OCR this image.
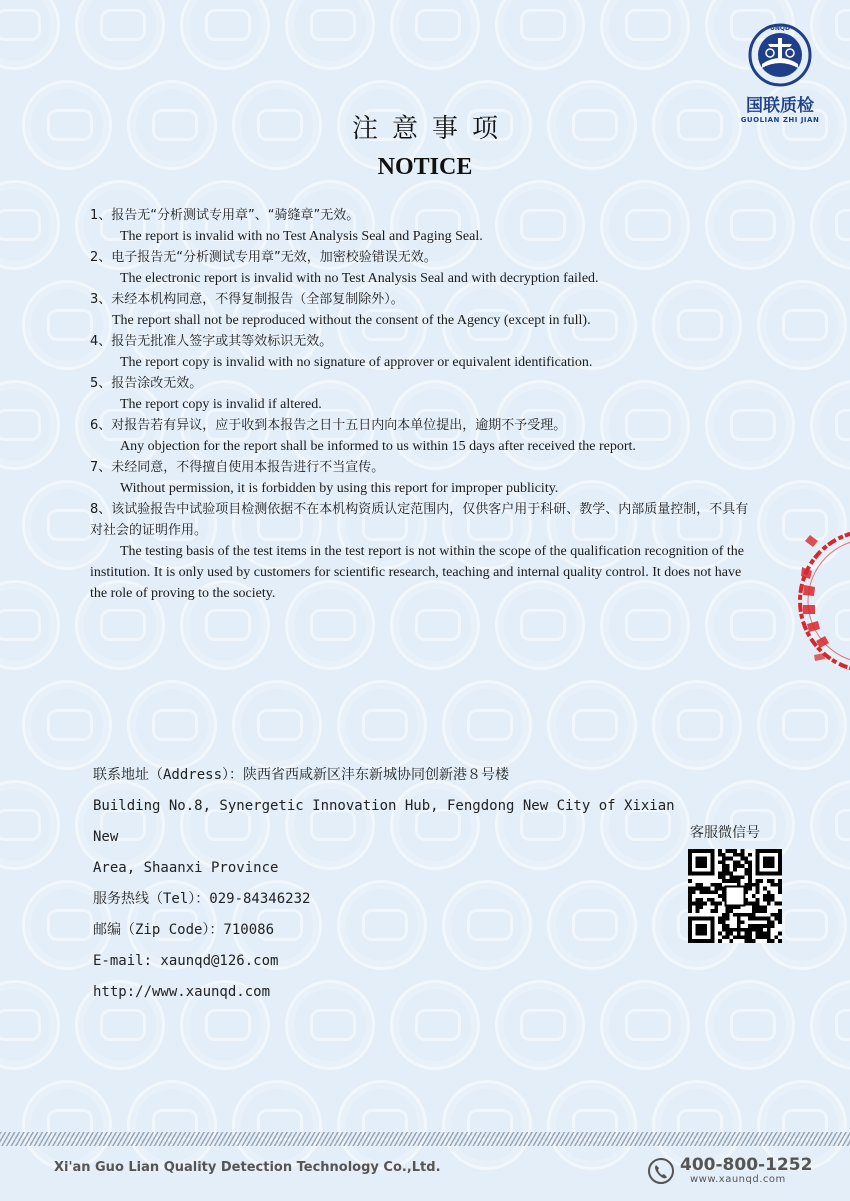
UNQD
国联质检
GUOLIAN ZHI JIAN
注意事项
NOTICE
1、报告无“分析测试专用章”、“骑缝章”无效。
The report is invalid with no Test Analysis Seal and Paging Seal.
2、电子报告无“分析测试专用章”无效，加密校验错误无效。
The electronic report is invalid with no Test Analysis Seal and with decryption failed.
3、未经本机构同意，不得复制报告（全部复制除外）。
The report shall not be reproduced without the consent of the Agency (except in full).
4、报告无批准人签字或其等效标识无效。
The report copy is invalid with no signature of approver or equivalent identification.
5、报告涂改无效。
The report copy is invalid if altered.
6、对报告若有异议，应于收到本报告之日十五日内向本单位提出，逾期不予受理。
Any objection for the report shall be informed to us within 15 days after received the report.
7、未经同意，不得擅自使用本报告进行不当宣传。
Without permission, it is forbidden by using this report for improper publicity.
8、该试验报告中试验项目检测依据不在本机构资质认定范围内，仅供客户用于科研、教学、内部质量控制，不具有对社会的证明作用。
The testing basis of the test items in the test report is not within the scope of the qualification recognition of the institution. It is only used by customers for scientific research, teaching and internal quality control. It does not have the role of proving to the society.
联系地址（Address）：陕西省西咸新区沣东新城协同创新港８号楼
Building No.8, Synergetic Innovation Hub, Fengdong New City of Xixian New
Area, Shaanxi Province
服务热线（Tel）：029-84346232
邮编（Zip Code）：710086
E-mail: xaunqd@126.com
http://www.xaunqd.com
客服微信号
Xi'an Guo Lian Quality Detection Technology Co.,Ltd.	400-800-1252
www.xaunqd.com
